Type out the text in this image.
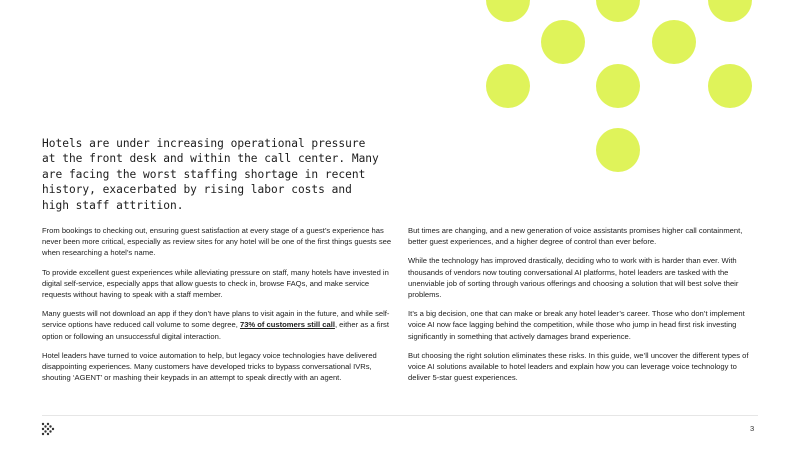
Hotels are under increasing operational pressure at the front desk and within the call center. Many are facing the worst staffing shortage in recent history, exacerbated by rising labor costs and high staff attrition.

From bookings to checking out, ensuring guest satisfaction at every stage of a guest’s experience has never been more critical, especially as review sites for any hotel will be one of the first things guests see when researching a hotel’s name.

To provide excellent guest experiences while alleviating pressure on staff, many hotels have invested in digital self-service, especially apps that allow guests to check in, browse FAQs, and make service requests without having to speak with a staff member.

Many guests will not download an app if they don’t have plans to visit again in the future, and while self-service options have reduced call volume to some degree, 73% of customers still call, either as a first option or following an unsuccessful digital interaction.

Hotel leaders have turned to voice automation to help, but legacy voice technologies have delivered disappointing experiences. Many customers have developed tricks to bypass conversational IVRs, shouting ‘AGENT’ or mashing their keypads in an attempt to speak directly with an agent.

But times are changing, and a new generation of voice assistants promises higher call containment, better guest experiences, and a higher degree of control than ever before.

While the technology has improved drastically, deciding who to work with is harder than ever. With thousands of vendors now touting conversational AI platforms, hotel leaders are tasked with the unenviable job of sorting through various offerings and choosing a solution that will best solve their problems.

It’s a big decision, one that can make or break any hotel leader’s career. Those who don’t implement voice AI now face lagging behind the competition, while those who jump in head first risk investing significantly in something that actively damages brand experience.

But choosing the right solution eliminates these risks. In this guide, we’ll uncover the different types of voice AI solutions available to hotel leaders and explain how you can leverage voice technology to deliver 5-star guest experiences.

3
